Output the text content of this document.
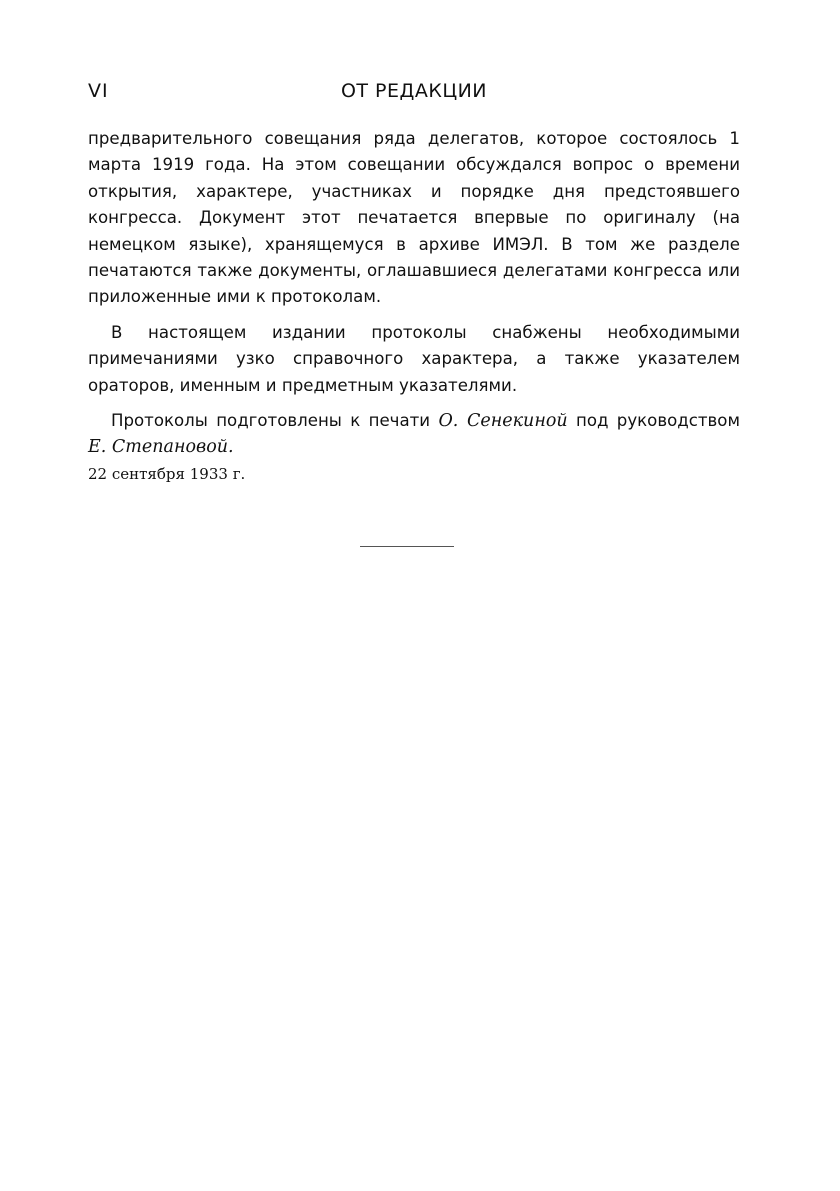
VI	ОТ РЕДАКЦИИ

предварительного совещания ряда делегатов, которое состоялось 1 марта 1919 года. На этом совещании обсуждался вопрос о времени открытия, характере, участниках и порядке дня предстоявшего конгресса. Документ этот печатается впервые по оригиналу (на немецком языке), хранящемуся в архиве ИМЭЛ. В том же разделе печатаются также документы, оглашавшиеся делегатами конгресса или приложенные ими к протоколам.

В настоящем издании протоколы снабжены необходимыми примечаниями узко справочного характера, а также указателем ораторов, именным и предметным указателями.

Протоколы подготовлены к печати О. Сенекиной под руководством Е. Степановой.

22 сентября 1933 г.
